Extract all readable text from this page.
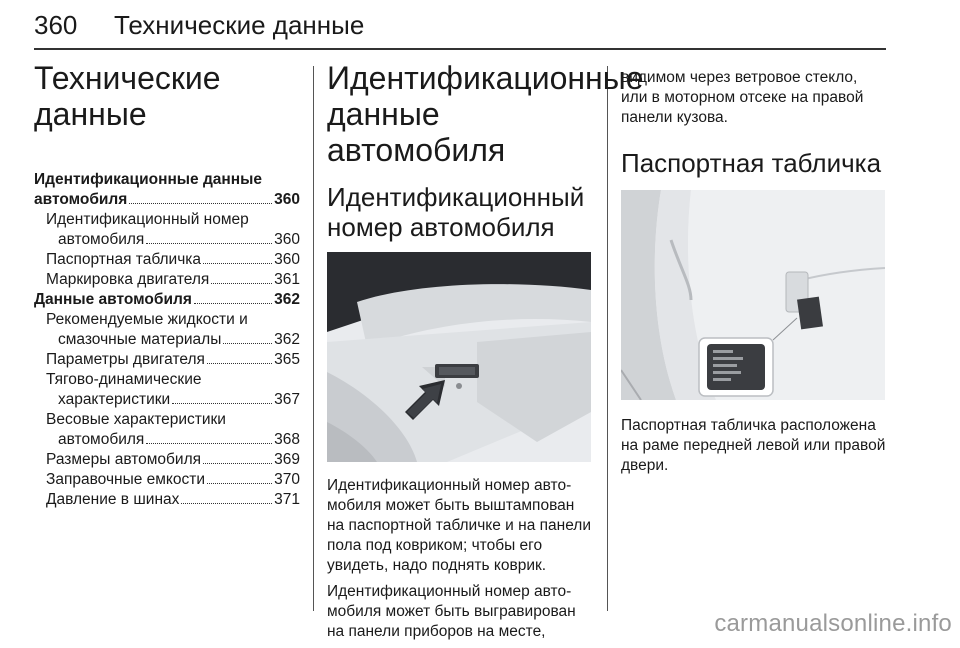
360 Технические данные
Технические
данные
Идентификационные данные
автомобиля	360
Идентификационный номер
автомобиля	360
Паспортная табличка	360
Маркировка двигателя	361
Данные автомобиля	362
Рекомендуемые жидкости и
смазочные материалы	362
Параметры двигателя	365
Тягово-динамические
характеристики	367
Весовые характеристики
автомобиля	368
Размеры автомобиля	369
Заправочные емкости	370
Давление в шинах	371
Идентификационные
данные автомобиля
Идентификационный
номер автомобиля

Идентификационный номер авто-мобиля может быть выштампован на паспортной табличке и на панели пола под ковриком; чтобы его увидеть, надо поднять коврик.

Идентификационный номер авто-мобиля может быть выгравирован на панели приборов на месте,

видимом через ветровое стекло, или в моторном отсеке на правой панели кузова.

Паспортная табличка

Паспортная табличка расположена на раме передней левой или правой двери.

carmanualsonline.info
